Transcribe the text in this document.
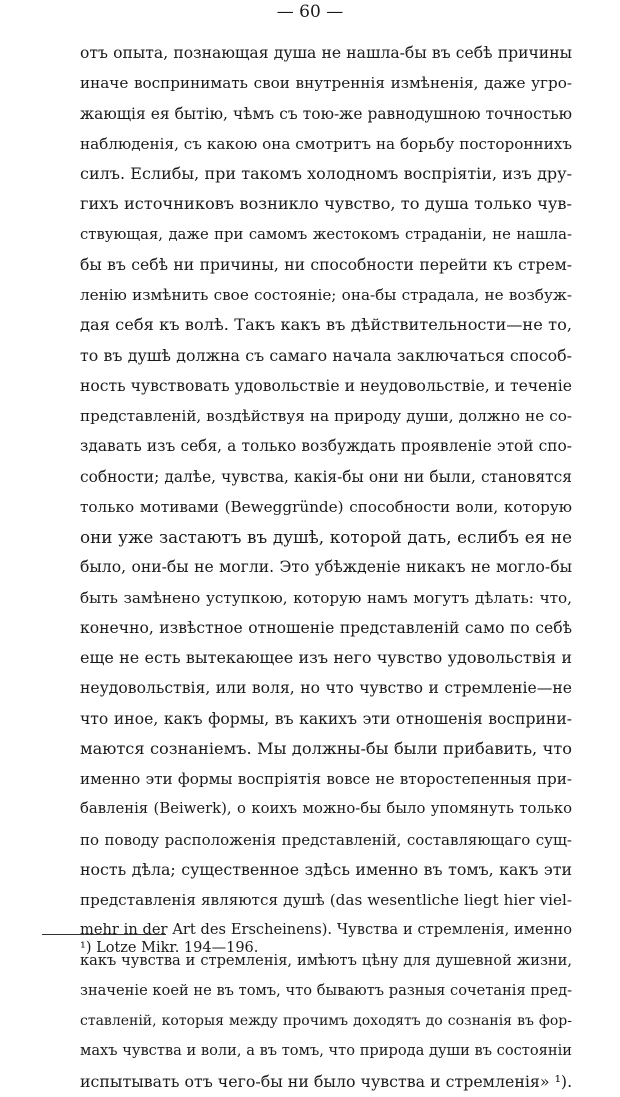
— 60 —
отъ опыта, познающая душа не нашла-бы въ себѣ причины
иначе воспринимать свои внутреннія измѣненія, даже угро-
жающія ея бытію, чѣмъ съ тою-же равнодушною точностью
наблюденія, съ какою она смотритъ на борьбу постороннихъ
силъ. Еслибы, при такомъ холодномъ воспріятіи, изъ дру-
гихъ источниковъ возникло чувство, то душа только чув-
ствующая, даже при самомъ жестокомъ страданіи, не нашла-
бы въ себѣ ни причины, ни способности перейти къ стрем-
ленію измѣнить свое состояніе; она-бы страдала, не возбуж-
дая себя къ волѣ. Такъ какъ въ дѣйствительности—не то,
то въ душѣ должна съ самаго начала заключаться способ-
ность чувствовать удовольствіе и неудовольствіе, и теченіе
представленій, воздѣйствуя на природу души, должно не со-
здавать изъ себя, а только возбуждать проявленіе этой спо-
собности; далѣе, чувства, какія-бы они ни были, становятся
только мотивами (Beweggründe) способности воли, которую
они уже застаютъ въ душѣ, которой дать, еслибъ ея не
было, они-бы не могли. Это убѣжденіе никакъ не могло-бы
быть замѣнено уступкою, которую намъ могутъ дѣлать: что,
конечно, извѣстное отношеніе представленій само по себѣ
еще не есть вытекающее изъ него чувство удовольствія и
неудовольствія, или воля, но что чувство и стремленіе—не
что иное, какъ формы, въ какихъ эти отношенія восприни-
маются сознаніемъ. Мы должны-бы были прибавить, что
именно эти формы воспріятія вовсе не второстепенныя при-
бавленія (Beiwerk), о коихъ можно-бы было упомянуть только
по поводу расположенія представленій, составляющаго сущ-
ность дѣла; существенное здѣсь именно въ томъ, какъ эти
представленія являются душѣ (das wesentliche liegt hier viel-
mehr in der Art des Erscheinens). Чувства и стремленія, именно
какъ чувства и стремленія, имѣютъ цѣну для душевной жизни,
значеніе коей не въ томъ, что бываютъ разныя сочетанія пред-
ставленій, которыя между прочимъ доходятъ до сознанія въ фор-
махъ чувства и воли, а въ томъ, что природа души въ состояніи
испытывать отъ чего-бы ни было чувства и стремленія» ¹).
¹) Lotze Mikr. 194—196.
